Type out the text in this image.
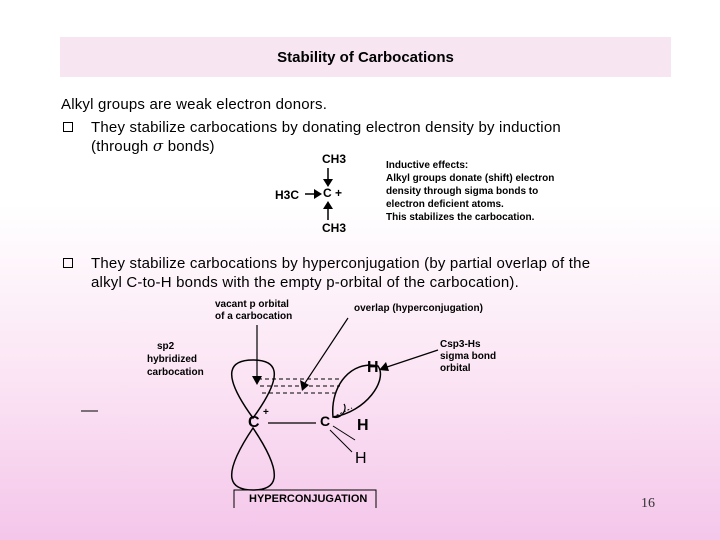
Stability of Carbocations
Alkyl groups are weak electron donors.
They stabilize carbocations by donating electron density by induction
(through σ bonds)
CH3
H3C C +
CH3
Inductive effects:
Alkyl groups donate (shift) electron
density through sigma bonds to
electron deficient atoms.
This stabilizes the carbocation.
They stabilize carbocations by hyperconjugation (by partial overlap of the
alkyl C-to-H bonds with the empty p-orbital of the carbocation).
vacant p orbital
of a carbocation
overlap (hyperconjugation)
sp2
hybridized
carbocation
Csp3-Hs
sigma bond
orbital
C
+
C
H
H
H
HYPERCONJUGATION	16
